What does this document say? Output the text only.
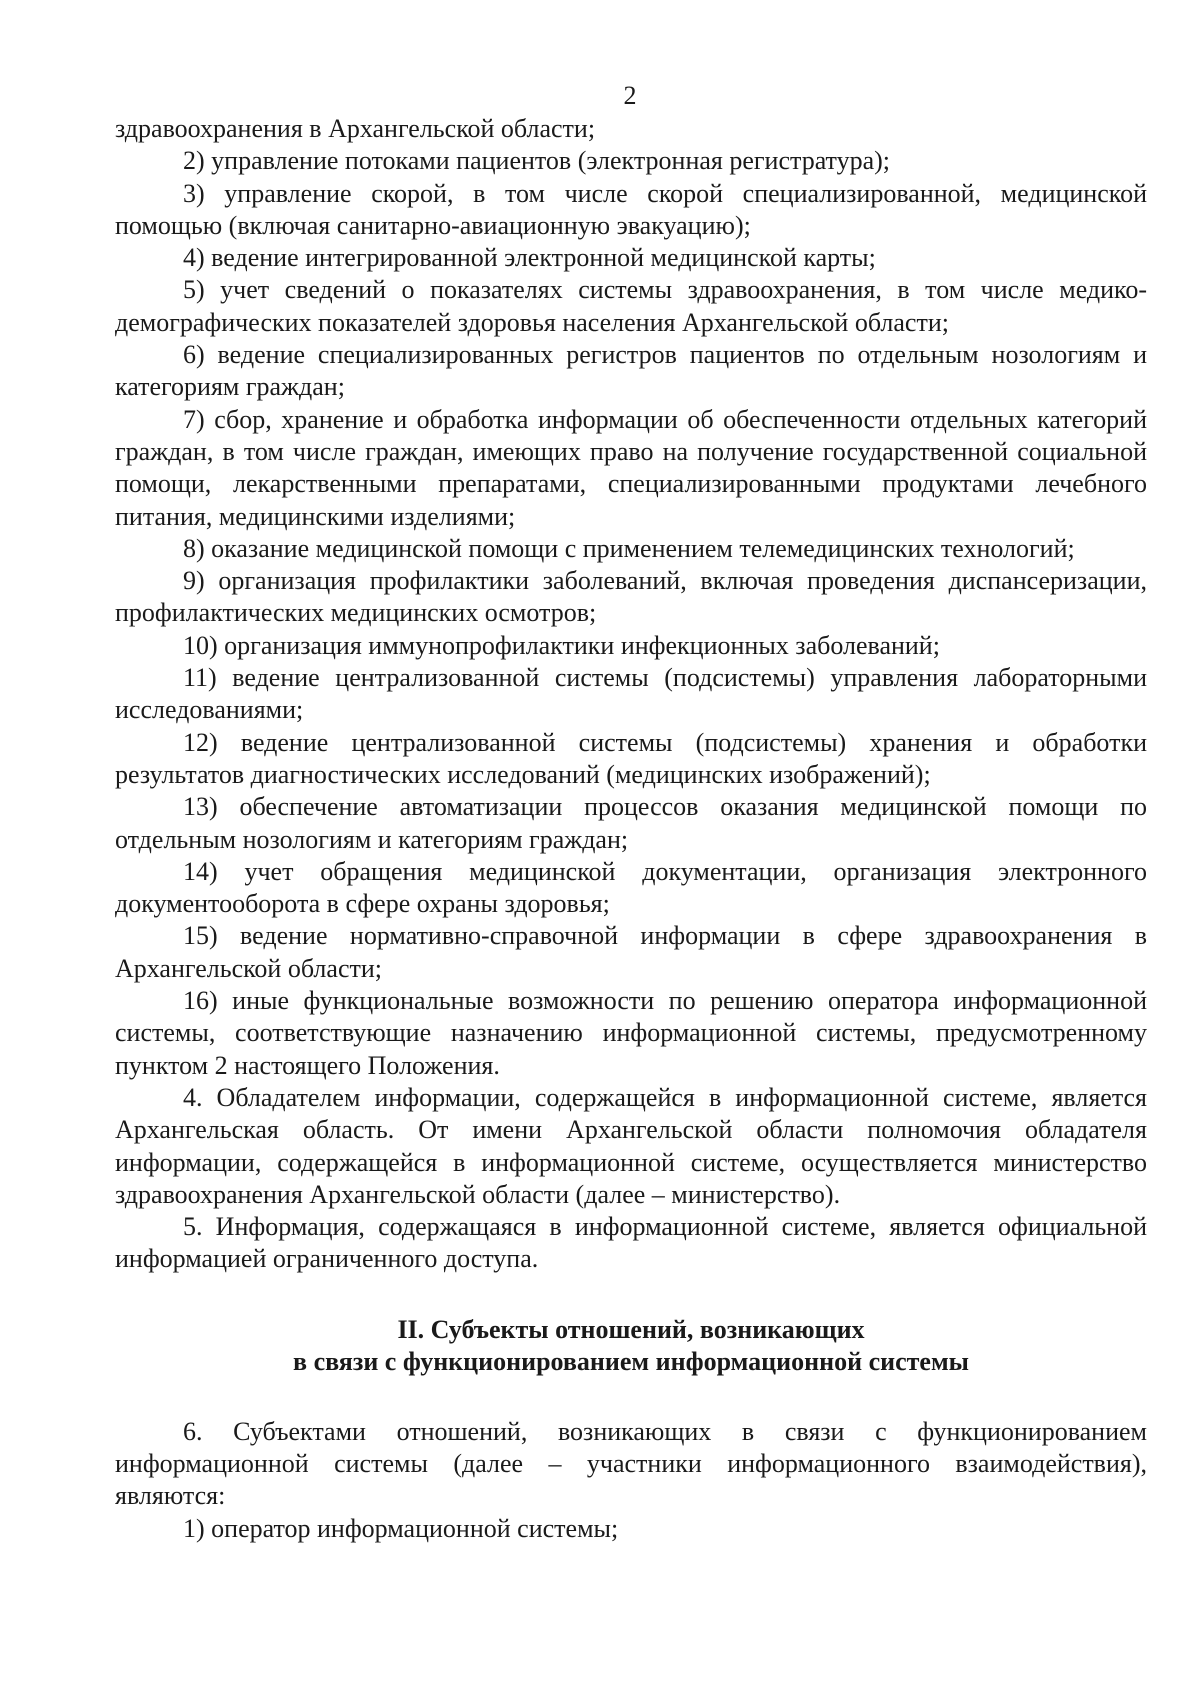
2

здравоохранения в Архангельской области;

2) управление потоками пациентов (электронная регистратура);

3) управление скорой, в том числе скорой специализированной, медицинской помощью (включая санитарно-авиационную эвакуацию);

4) ведение интегрированной электронной медицинской карты;

5) учет сведений о показателях системы здравоохранения, в том числе медико-демографических показателей здоровья населения Архангельской области;

6) ведение специализированных регистров пациентов по отдельным нозологиям и категориям граждан;

7) сбор, хранение и обработка информации об обеспеченности отдельных категорий граждан, в том числе граждан, имеющих право на получение государственной социальной помощи, лекарственными препаратами, специализированными продуктами лечебного питания, медицинскими изделиями;

8) оказание медицинской помощи с применением телемедицинских технологий;

9) организация профилактики заболеваний, включая проведения диспансеризации, профилактических медицинских осмотров;

10) организация иммунопрофилактики инфекционных заболеваний;

11) ведение централизованной системы (подсистемы) управления лабораторными исследованиями;

12) ведение централизованной системы (подсистемы) хранения и обработки результатов диагностических исследований (медицинских изображений);

13) обеспечение автоматизации процессов оказания медицинской помощи по отдельным нозологиям и категориям граждан;

14) учет обращения медицинской документации, организация электронного документооборота в сфере охраны здоровья;

15) ведение нормативно-справочной информации в сфере здравоохранения в Архангельской области;

16) иные функциональные возможности по решению оператора информационной системы, соответствующие назначению информационной системы, предусмотренному пунктом 2 настоящего Положения.

4. Обладателем информации, содержащейся в информационной системе, является Архангельская область. От имени Архангельской области полномочия обладателя информации, содержащейся в информационной системе, осуществляется министерство здравоохранения Архангельской области (далее – министерство).

5. Информация, содержащаяся в информационной системе, является официальной информацией ограниченного доступа.

II. Субъекты отношений, возникающих
в связи с функционированием информационной системы

6. Субъектами отношений, возникающих в связи с функционированием информационной системы (далее – участники информационного взаимодействия), являются:

1) оператор информационной системы;
